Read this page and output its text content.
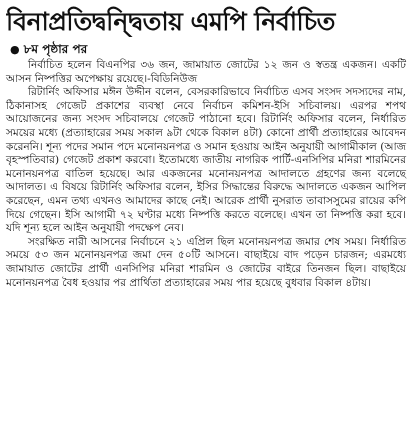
বিনাপ্রতিদ্বন্দ্বিতায় এমপি নির্বাচিত
● ৮ম পৃষ্ঠার পর

নির্বাচিত হলেন বিএনপির ৩৬ জন, জামায়াত জোটের ১২ জন ও স্বতন্ত্র একজন। একটি আসন নিষ্পত্তির অপেক্ষায় রয়েছে।-বিডিনিউজ

রিটার্নিং অফিসার মঈন উদ্দীন বলেন, বেসরকারিভাবে নির্বাচিত এসব সংসদ সদস্যদের নাম, ঠিকানাসহ গেজেট প্রকাশের ব্যবস্থা নেবে নির্বাচন কমিশন-ইসি সচিবালয়। এরপর শপথ আয়োজনের জন্য সংসদ সচিবালয়ে গেজেট পাঠানো হবে। রিটার্নিং অফিসার বলেন, নির্ধারিত সময়ের মধ্যে (প্রত্যাহারের সময় সকাল ৯টা থেকে বিকাল ৪টা) কোনো প্রার্থী প্রত্যাহারের আবেদন করেননি। শূন্য পদের সমান পদে মনোনয়নপত্র ও সমান হওয়ায় আইন অনুযায়ী আগামীকাল (আজ বৃহস্পতিবার) গেজেট প্রকাশ করবো। ইতোমধ্যে জাতীয় নাগরিক পার্টি-এনসিপির মনিরা শারমিনের মনোনয়নপত্র বাতিল হয়েছে। আর একজনের মনোনয়নপত্র আদালতে গ্রহণের জন্য বলেছে আদালত। এ বিষয়ে রিটার্নিং অফিসার বলেন, ইসির সিদ্ধান্তের বিরুদ্ধে আদালতে একজন আপিল করেছেন, এমন তথ্য এখনও আমাদের কাছে নেই। আরেক প্রার্থী নুসরাত তাবাসসুমের রায়ের কপি দিয়ে গেছেন। ইসি আগামী ৭২ ঘণ্টার মধ্যে নিষ্পত্তি করতে বলেছে। এখন তা নিষ্পত্তি করা হবে। যদি শূন্য হলে আইন অনুযায়ী পদক্ষেপ নেব।

সংরক্ষিত নারী আসনের নির্বাচনে ২১ এপ্রিল ছিল মনোনয়নপত্র জমার শেষ সময়। নির্ধারিত সময়ে ৫৩ জন মনোনয়নপত্র জমা দেন ৫০টি আসনে। বাছাইয়ে বাদ পড়েন চারজন; এরমধ্যে জামায়াত জোটের প্রার্থী এনসিপির মনিরা শারমিন ও জোটের বাইরে তিনজন ছিল। বাছাইয়ে মনোনয়নপত্র বৈধ হওয়ার পর প্রার্থিতা প্রত্যাহারের সময় পার হয়েছে বুধবার বিকাল ৪টায়।
